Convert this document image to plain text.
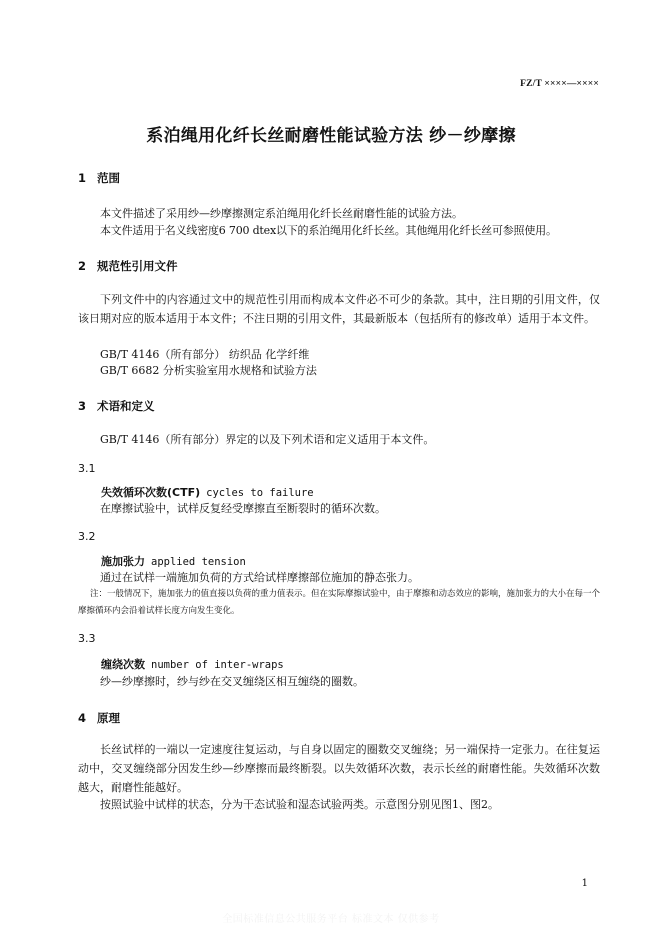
FZ/T ××××—××××
系泊绳用化纤长丝耐磨性能试验方法 纱－纱摩擦
1 范围
本文件描述了采用纱—纱摩擦测定系泊绳用化纤长丝耐磨性能的试验方法。
本文件适用于名义线密度6 700 dtex以下的系泊绳用化纤长丝。其他绳用化纤长丝可参照使用。
2 规范性引用文件
下列文件中的内容通过文中的规范性引用而构成本文件必不可少的条款。其中，注日期的引用文件，仅该日期对应的版本适用于本文件；不注日期的引用文件，其最新版本（包括所有的修改单）适用于本文件。
GB/T 4146（所有部分） 纺织品 化学纤维
GB/T 6682 分析实验室用水规格和试验方法
3 术语和定义
GB/T 4146（所有部分）界定的以及下列术语和定义适用于本文件。
3.1
失效循环次数(CTF) cycles to failure
在摩擦试验中，试样反复经受摩擦直至断裂时的循环次数。
3.2
施加张力 applied tension
通过在试样一端施加负荷的方式给试样摩擦部位施加的静态张力。
注：一般情况下，施加张力的值直接以负荷的重力值表示。但在实际摩擦试验中，由于摩擦和动态效应的影响，施加张力的大小在每一个摩擦循环内会沿着试样长度方向发生变化。
3.3
缠绕次数 number of inter-wraps
纱—纱摩擦时，纱与纱在交叉缠绕区相互缠绕的圈数。
4 原理
长丝试样的一端以一定速度往复运动，与自身以固定的圈数交叉缠绕；另一端保持一定张力。在往复运动中，交叉缠绕部分因发生纱—纱摩擦而最终断裂。以失效循环次数，表示长丝的耐磨性能。失效循环次数越大，耐磨性能越好。
按照试验中试样的状态，分为干态试验和湿态试验两类。示意图分别见图1、图2。
1
全国标准信息公共服务平台 标准文本 仅供参考
